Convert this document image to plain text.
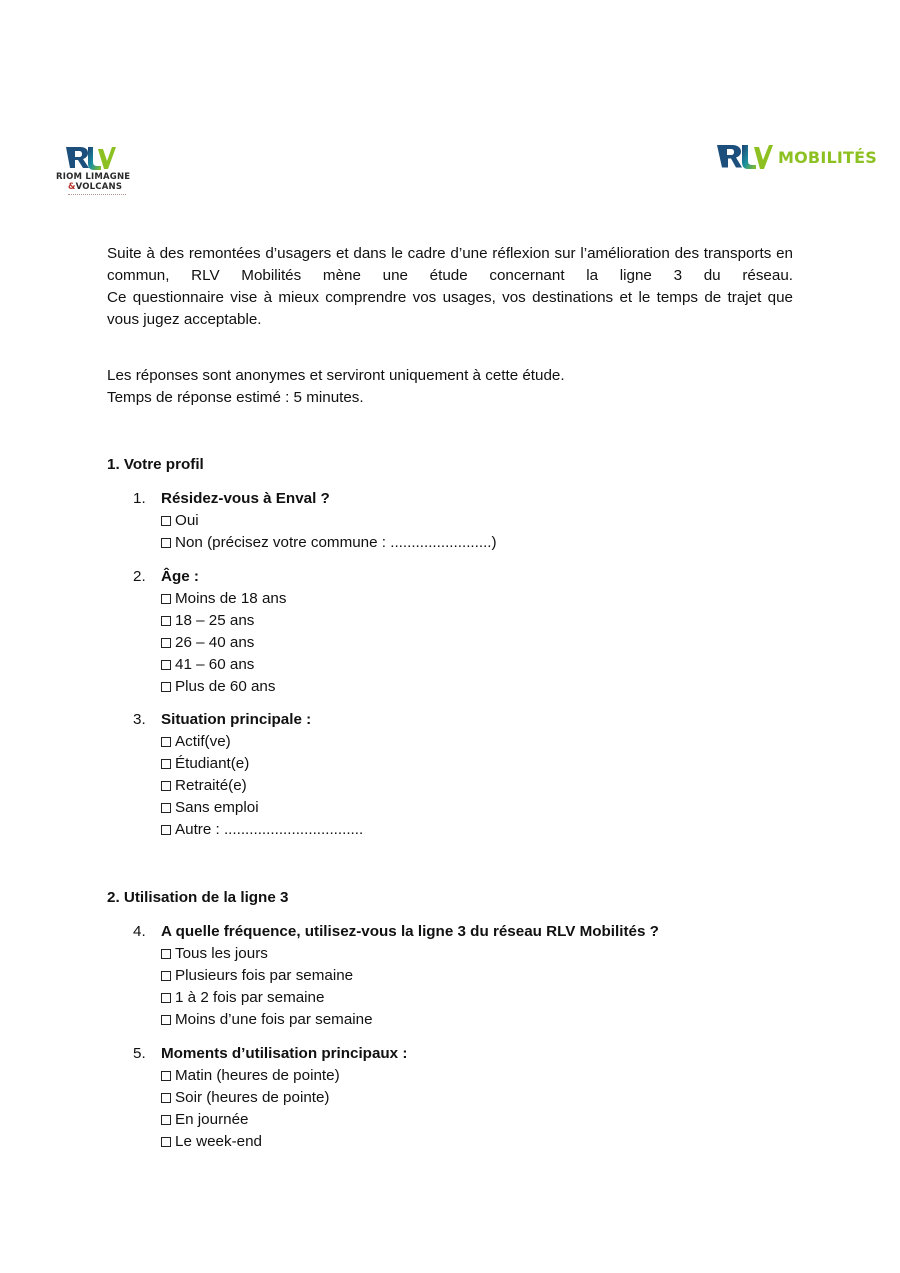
RIOM LIMAGNE
&VOLCANS
MOBILITÉS

Suite à des remontées d’usagers et dans le cadre d’une réflexion sur l’amélioration des transports en commun, RLV Mobilités mène une étude concernant la ligne 3 du réseau.

Ce questionnaire vise à mieux comprendre vos usages, vos destinations et le temps de trajet que vous jugez acceptable.

Les réponses sont anonymes et serviront uniquement à cette étude.

Temps de réponse estimé : 5 minutes.

1. Votre profil
1.	Résidez-vous à Enval ?
Oui
Non (précisez votre commune : ........................)
2.	Âge :
Moins de 18 ans
18 – 25 ans
26 – 40 ans
41 – 60 ans
Plus de 60 ans
3.	Situation principale :
Actif(ve)
Étudiant(e)
Retraité(e)
Sans emploi
Autre : .................................
2. Utilisation de la ligne 3
4.	A quelle fréquence, utilisez-vous la ligne 3 du réseau RLV Mobilités ?
Tous les jours
Plusieurs fois par semaine
1 à 2 fois par semaine
Moins d’une fois par semaine
5.	Moments d’utilisation principaux :
Matin (heures de pointe)
Soir (heures de pointe)
En journée
Le week-end
